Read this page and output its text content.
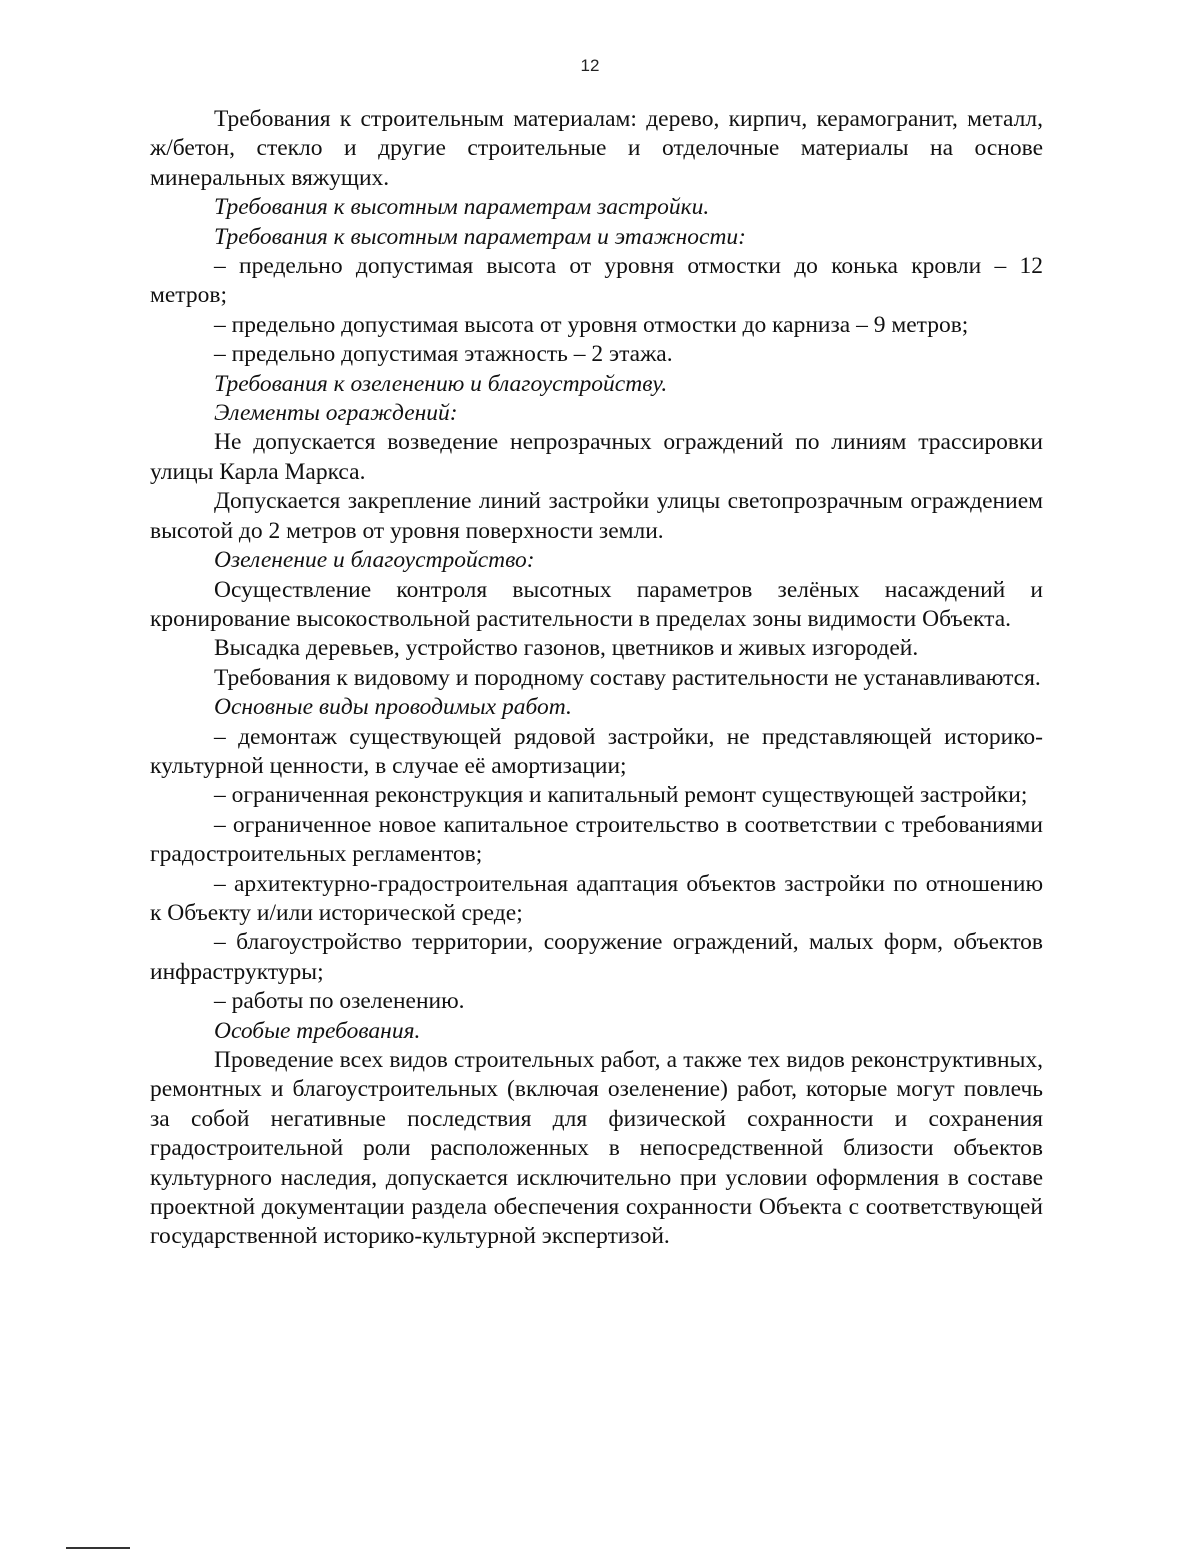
12

Требования к строительным материалам: дерево, кирпич, керамогранит, металл, ж/бетон, стекло и другие строительные и отделочные материалы на основе минеральных вяжущих.

Требования к высотным параметрам застройки.

Требования к высотным параметрам и этажности:

– предельно допустимая высота от уровня отмостки до конька кровли – 12 метров;

– предельно допустимая высота от уровня отмостки до карниза – 9 метров;

– предельно допустимая этажность – 2 этажа.

Требования к озеленению и благоустройству.

Элементы ограждений:

Не допускается возведение непрозрачных ограждений по линиям трассировки улицы Карла Маркса.

Допускается закрепление линий застройки улицы светопрозрачным ограждением высотой до 2 метров от уровня поверхности земли.

Озеленение и благоустройство:

Осуществление контроля высотных параметров зелёных насаждений и кронирование высокоствольной растительности в пределах зоны видимости Объекта.

Высадка деревьев, устройство газонов, цветников и живых изгородей.

Требования к видовому и породному составу растительности не устанавливаются.

Основные виды проводимых работ.

– демонтаж существующей рядовой застройки, не представляющей историко-культурной ценности, в случае её амортизации;

– ограниченная реконструкция и капитальный ремонт существующей застройки;

– ограниченное новое капитальное строительство в соответствии с требованиями градостроительных регламентов;

– архитектурно-градостроительная адаптация объектов застройки по отношению к Объекту и/или исторической среде;

– благоустройство территории, сооружение ограждений, малых форм, объектов инфраструктуры;

– работы по озеленению.

Особые требования.

Проведение всех видов строительных работ, а также тех видов реконструктивных, ремонтных и благоустроительных (включая озеленение) работ, которые могут повлечь за собой негативные последствия для физической сохранности и сохранения градостроительной роли расположенных в непосредственной близости объектов культурного наследия, допускается исключительно при условии оформления в составе проектной документации раздела обеспечения сохранности Объекта с соответствующей государственной историко-культурной экспертизой.
